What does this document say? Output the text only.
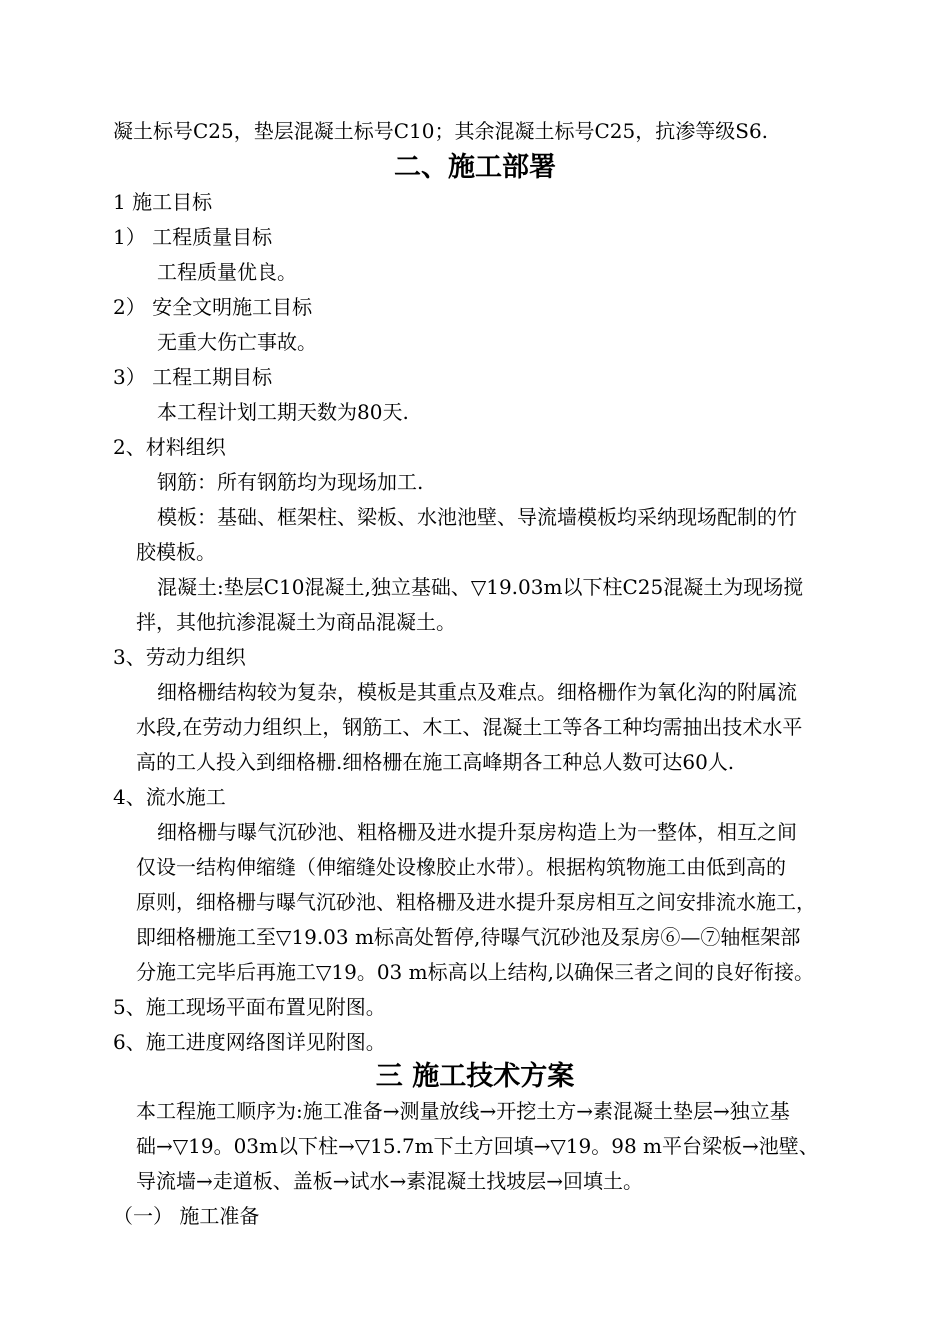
凝土标号C25，垫层混凝土标号C10；其余混凝土标号C25，抗渗等级S6.
二、施工部署
1 施工目标
1） 工程质量目标
工程质量优良。
2） 安全文明施工目标
无重大伤亡事故。
3） 工程工期目标
本工程计划工期天数为80天.
2、材料组织
钢筋：所有钢筋均为现场加工.
模板：基础、框架柱、梁板、水池池壁、导流墙模板均采纳现场配制的竹
胶模板。
混凝土:垫层C10混凝土,独立基础、▽19.03m以下柱C25混凝土为现场搅
拌，其他抗渗混凝土为商品混凝土。
3、劳动力组织
细格栅结构较为复杂，模板是其重点及难点。细格栅作为氧化沟的附属流
水段,在劳动力组织上，钢筋工、木工、混凝土工等各工种均需抽出技术水平
高的工人投入到细格栅.细格栅在施工高峰期各工种总人数可达60人.
4、流水施工
细格栅与曝气沉砂池、粗格栅及进水提升泵房构造上为一整体，相互之间
仅设一结构伸缩缝（伸缩缝处设橡胶止水带）。根据构筑物施工由低到高的
原则，细格栅与曝气沉砂池、粗格栅及进水提升泵房相互之间安排流水施工，
即细格栅施工至▽19.03 m标高处暂停,待曝气沉砂池及泵房⑥—⑦轴框架部
分施工完毕后再施工▽19。03 m标高以上结构,以确保三者之间的良好衔接。
5、施工现场平面布置见附图。
6、施工进度网络图详见附图。
三 施工技术方案
本工程施工顺序为:施工准备→测量放线→开挖土方→素混凝土垫层→独立基
础→▽19。03m以下柱→▽15.7m下土方回填→▽19。98 m平台梁板→池壁、
导流墙→走道板、盖板→试水→素混凝土找坡层→回填土。
（一） 施工准备
